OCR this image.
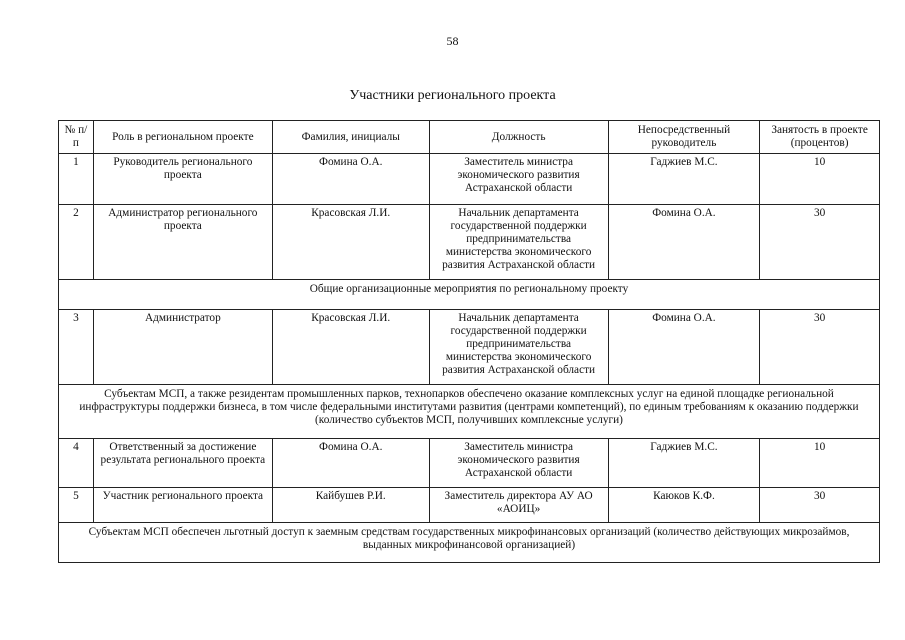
58
Участники регионального проекта
№ п/п	Роль в региональном проекте	Фамилия, инициалы	Должность	Непосредственный руководитель	Занятость в проекте (процентов)
1	Руководитель регионального проекта	Фомина О.А.	Заместитель министра экономического развития Астраханской области	Гаджиев М.С.	10
2	Администратор регионального проекта	Красовская Л.И.	Начальник департамента государственной поддержки предпринимательства министерства экономического развития Астраханской области	Фомина О.А.	30
Общие организационные мероприятия по региональному проекту					
3	Администратор	Красовская Л.И.	Начальник департамента государственной поддержки предпринимательства министерства экономического развития Астраханской области	Фомина О.А.	30
Субъектам МСП, а также резидентам промышленных парков, технопарков обеспечено оказание комплексных услуг на единой площадке региональной инфраструктуры поддержки бизнеса, в том числе федеральными институтами развития (центрами компетенций), по единым требованиям к оказанию поддержки (количество субъектов МСП, получивших комплексные услуги)					
4	Ответственный за достижение результата регионального проекта	Фомина О.А.	Заместитель министра экономического развития Астраханской области	Гаджиев М.С.	10
5	Участник регионального проекта	Кайбушев Р.И.	Заместитель директора АУ АО «АОИЦ»	Каюков К.Ф.	30
Субъектам МСП обеспечен льготный доступ к заемным средствам государственных микрофинансовых организаций (количество действующих микрозаймов, выданных микрофинансовой организацией)					
